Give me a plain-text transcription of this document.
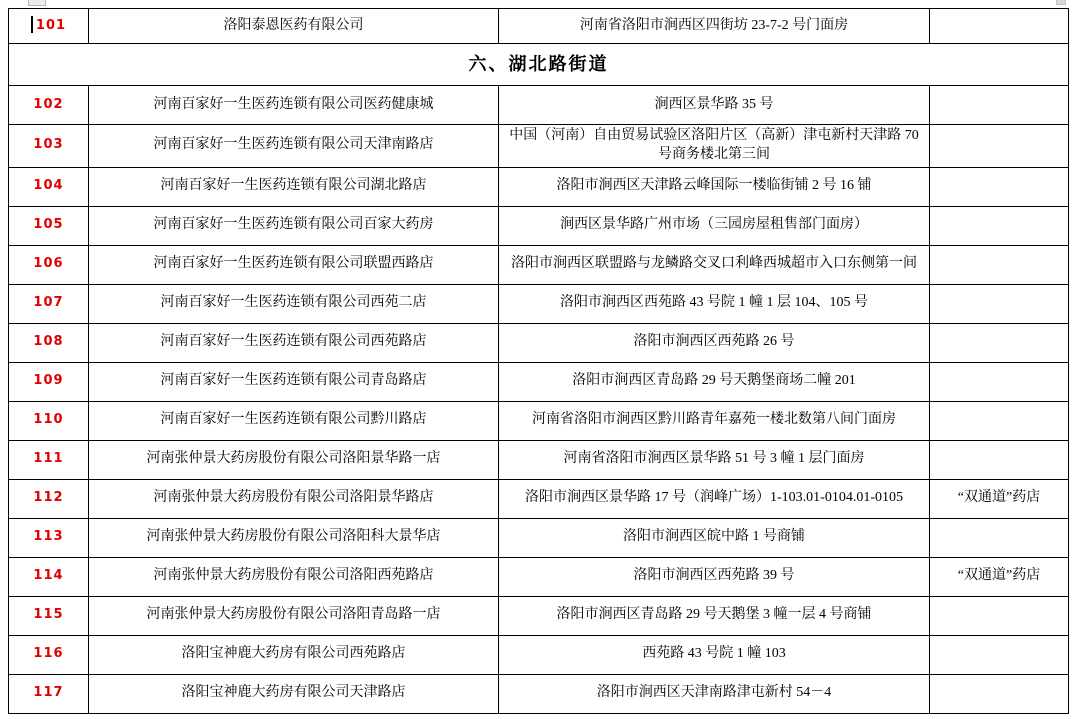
101	洛阳泰恩医药有限公司	河南省洛阳市涧西区四街坊 23-7-2 号门面房	
六、湖北路街道			
102	河南百家好一生医药连锁有限公司医药健康城	涧西区景华路 35 号	
103	河南百家好一生医药连锁有限公司天津南路店	中国（河南）自由贸易试验区洛阳片区（高新）津屯新村天津路 70 号商务楼北第三间	
104	河南百家好一生医药连锁有限公司湖北路店	洛阳市涧西区天津路云峰国际一楼临街铺 2 号 16 铺	
105	河南百家好一生医药连锁有限公司百家大药房	涧西区景华路广州市场（三园房屋租售部门面房）	
106	河南百家好一生医药连锁有限公司联盟西路店	洛阳市涧西区联盟路与龙鳞路交叉口利峰西城超市入口东侧第一间	
107	河南百家好一生医药连锁有限公司西苑二店	洛阳市涧西区西苑路 43 号院 1 幢 1 层 104、105 号	
108	河南百家好一生医药连锁有限公司西苑路店	洛阳市涧西区西苑路 26 号	
109	河南百家好一生医药连锁有限公司青岛路店	洛阳市涧西区青岛路 29 号天鹅堡商场二幢 201	
110	河南百家好一生医药连锁有限公司黔川路店	河南省洛阳市涧西区黔川路青年嘉苑一楼北数第八间门面房	
111	河南张仲景大药房股份有限公司洛阳景华路一店	河南省洛阳市涧西区景华路 51 号 3 幢 1 层门面房	
112	河南张仲景大药房股份有限公司洛阳景华路店	洛阳市涧西区景华路 17 号（润峰广场）1-103.01-0104.01-0105	“双通道”药店
113	河南张仲景大药房股份有限公司洛阳科大景华店	洛阳市涧西区皖中路 1 号商铺	
114	河南张仲景大药房股份有限公司洛阳西苑路店	洛阳市涧西区西苑路 39 号	“双通道”药店
115	河南张仲景大药房股份有限公司洛阳青岛路一店	洛阳市涧西区青岛路 29 号天鹅堡 3 幢一层 4 号商铺	
116	洛阳宝神鹿大药房有限公司西苑路店	西苑路 43 号院 1 幢 103	
117	洛阳宝神鹿大药房有限公司天津路店	洛阳市涧西区天津南路津屯新村 54－4	
